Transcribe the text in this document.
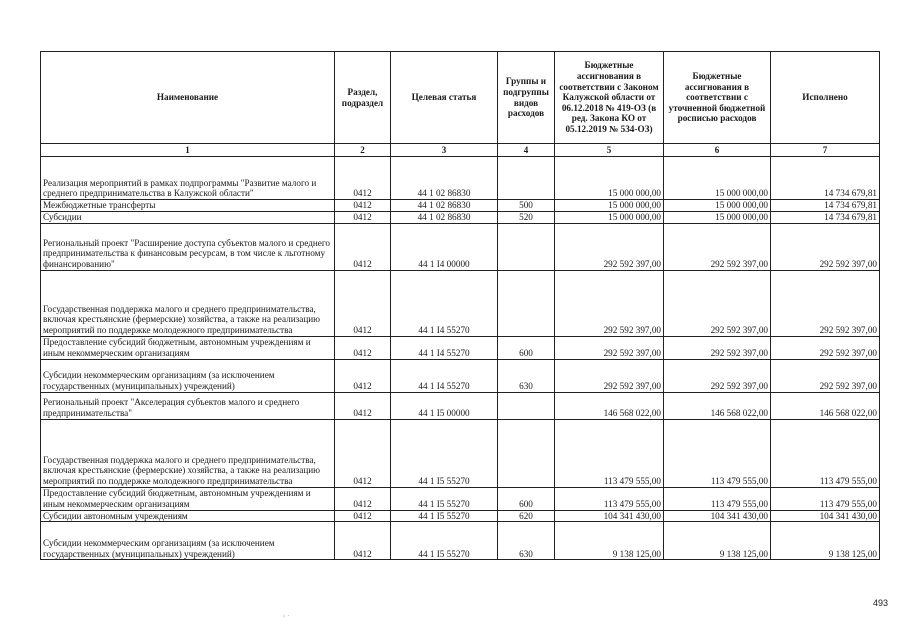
Наименование	Раздел, подраздел	Целевая статья	Группы и подгруппы видов расходов	Бюджетные ассигнования в соответствии с Законом Калужской области от 06.12.2018 № 419-ОЗ (в ред. Закона КО от 05.12.2019 № 534-ОЗ)	Бюджетные ассигнования в соответствии с уточненной бюджетной росписью расходов	Исполнено
1	2	3	4	5	6	7
Реализация мероприятий в рамках подпрограммы "Развитие малого и среднего предпринимательства в Калужской области"	0412	44 1 02 86830		15 000 000,00	15 000 000,00	14 734 679,81
Межбюджетные трансферты	0412	44 1 02 86830	500	15 000 000,00	15 000 000,00	14 734 679,81
Субсидии	0412	44 1 02 86830	520	15 000 000,00	15 000 000,00	14 734 679,81
Региональный проект "Расширение доступа субъектов малого и среднего предпринимательства к финансовым ресурсам, в том числе к льготному финансированию"	0412	44 1 I4 00000		292 592 397,00	292 592 397,00	292 592 397,00
Государственная поддержка малого и среднего предпринимательства, включая крестьянские (фермерские) хозяйства, а также на реализацию мероприятий по поддержке молодежного предпринимательства	0412	44 1 I4 55270		292 592 397,00	292 592 397,00	292 592 397,00
Предоставление субсидий бюджетным, автономным учреждениям и иным некоммерческим организациям	0412	44 1 I4 55270	600	292 592 397,00	292 592 397,00	292 592 397,00
Субсидии некоммерческим организациям (за исключением государственных (муниципальных) учреждений)	0412	44 1 I4 55270	630	292 592 397,00	292 592 397,00	292 592 397,00
Региональный проект "Акселерация субъектов малого и среднего предпринимательства"	0412	44 1 I5 00000		146 568 022,00	146 568 022,00	146 568 022,00
Государственная поддержка малого и среднего предпринимательства, включая крестьянские (фермерские) хозяйства, а также на реализацию мероприятий по поддержке молодежного предпринимательства	0412	44 1 I5 55270		113 479 555,00	113 479 555,00	113 479 555,00
Предоставление субсидий бюджетным, автономным учреждениям и иным некоммерческим организациям	0412	44 1 I5 55270	600	113 479 555,00	113 479 555,00	113 479 555,00
Субсидии автономным учреждениям	0412	44 1 I5 55270	620	104 341 430,00	104 341 430,00	104 341 430,00
Субсидии некоммерческим организациям (за исключением государственных (муниципальных) учреждений)	0412	44 1 I5 55270	630	9 138 125,00	9 138 125,00	9 138 125,00
493
‹ ·
